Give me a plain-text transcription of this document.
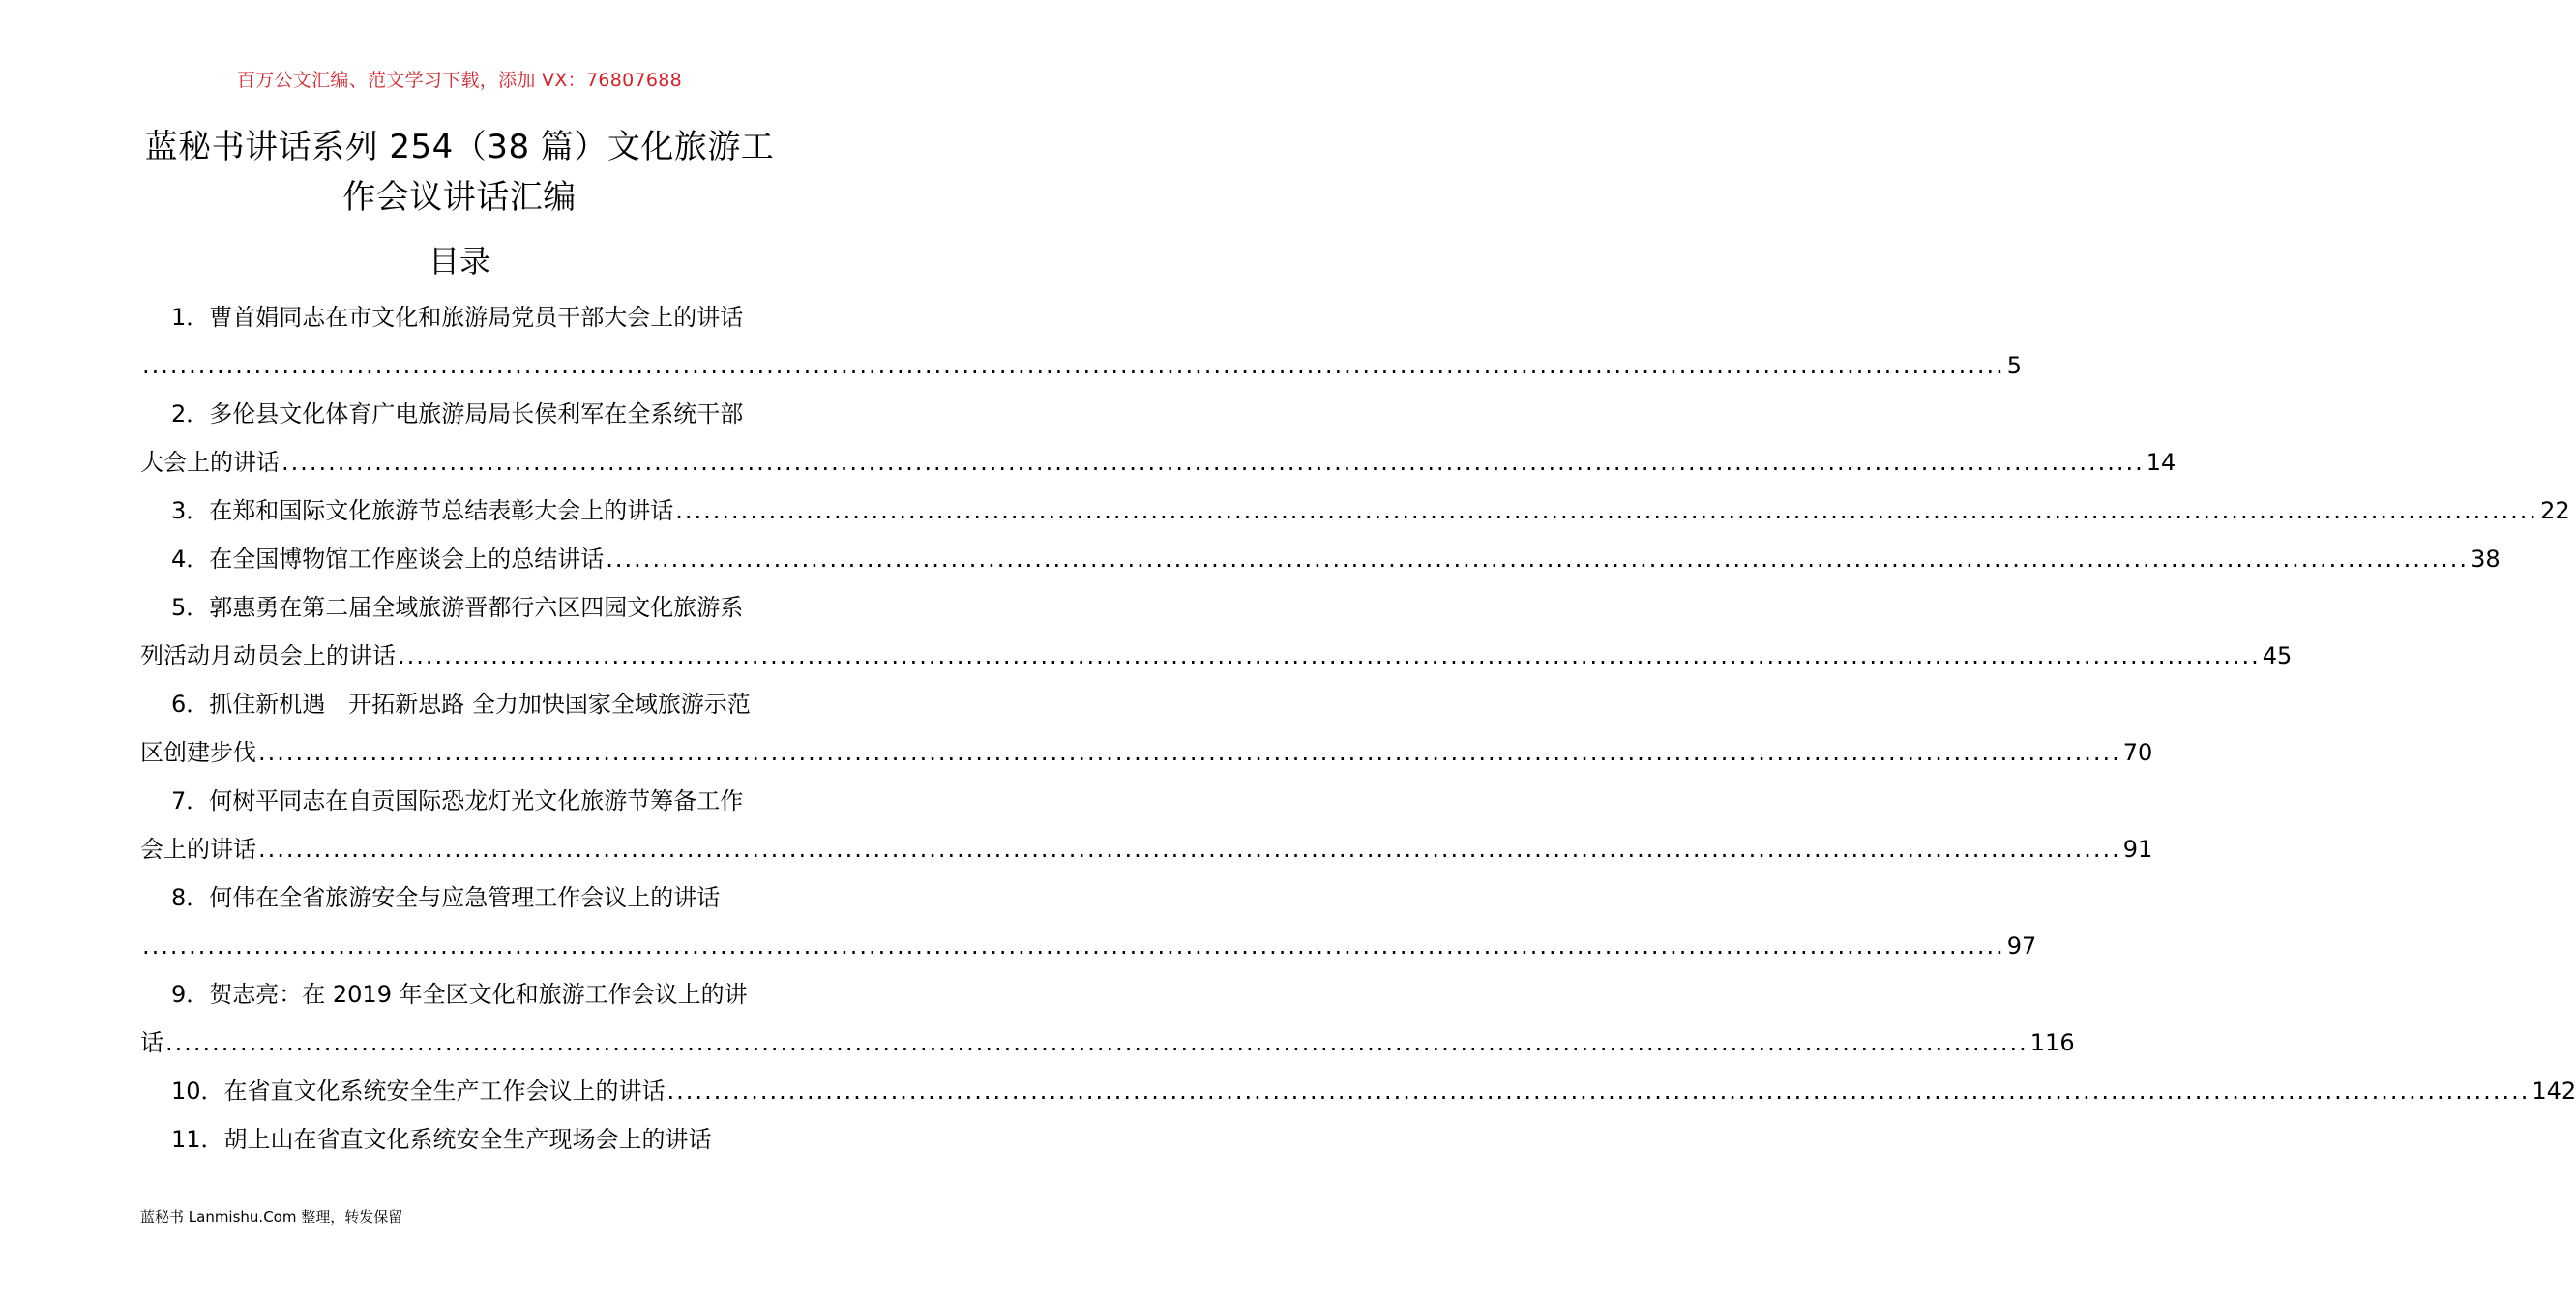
百万公文汇编、范文学习下载，添加 VX：76807688
蓝秘书讲话系列 254（38 篇）文化旅游工
作会议讲话汇编
目录
1．曹首娟同志在市文化和旅游局党员干部大会上的讲话
........................................................................................................................................................................................................ 5
2．多伦县文化体育广电旅游局局长侯利军在全系统干部
大会上的讲话 ........................................................................................................................................................................................................ 14
3．在郑和国际文化旅游节总结表彰大会上的讲话 ........................................................................................................................................................................................................ 22
4．在全国博物馆工作座谈会上的总结讲话 ........................................................................................................................................................................................................ 38
5．郭惠勇在第二届全域旅游晋都行六区四园文化旅游系
列活动月动员会上的讲话 ........................................................................................................................................................................................................ 45
6．抓住新机遇　开拓新思路 全力加快国家全域旅游示范
区创建步伐 ........................................................................................................................................................................................................ 70
7．何树平同志在自贡国际恐龙灯光文化旅游节筹备工作
会上的讲话 ........................................................................................................................................................................................................ 91
8．何伟在全省旅游安全与应急管理工作会议上的讲话
........................................................................................................................................................................................................ 97
9．贺志亮：在 2019 年全区文化和旅游工作会议上的讲
话 ........................................................................................................................................................................................................ 116
10．在省直文化系统安全生产工作会议上的讲话 ........................................................................................................................................................................................................ 142
11．胡上山在省直文化系统安全生产现场会上的讲话
蓝秘书 Lanmishu.Com 整理，转发保留
